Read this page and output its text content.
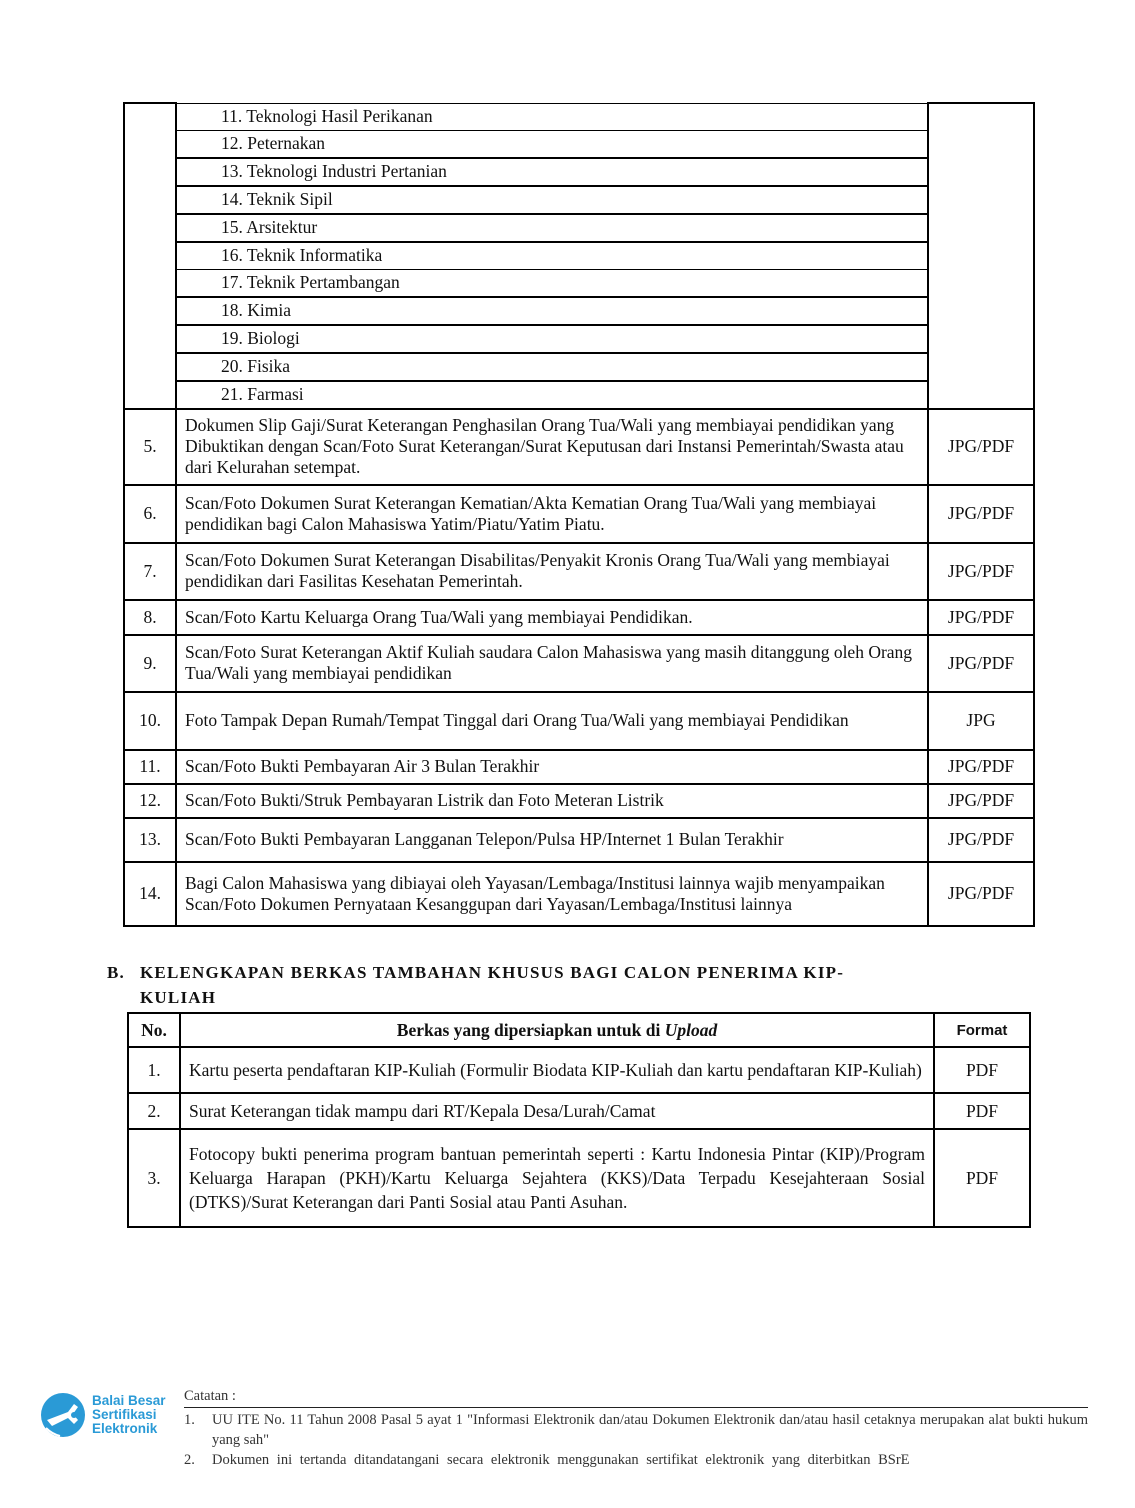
	11. Teknologi Hasil Perikanan	
	12. Peternakan	
	13. Teknologi Industri Pertanian	
	14. Teknik Sipil	
	15. Arsitektur	
	16. Teknik Informatika	
	17. Teknik Pertambangan	
	18. Kimia	
	19. Biologi	
	20. Fisika	
	21. Farmasi	
5.	Dokumen Slip Gaji/Surat Keterangan Penghasilan Orang Tua/Wali yang membiayai pendidikan yang Dibuktikan dengan Scan/Foto Surat Keterangan/Surat Keputusan dari Instansi Pemerintah/Swasta atau dari Kelurahan setempat.	JPG/PDF
6.	Scan/Foto Dokumen Surat Keterangan Kematian/Akta Kematian Orang Tua/Wali yang membiayai pendidikan bagi Calon Mahasiswa Yatim/Piatu/Yatim Piatu.	JPG/PDF
7.	Scan/Foto Dokumen Surat Keterangan Disabilitas/Penyakit Kronis Orang Tua/Wali yang membiayai pendidikan dari Fasilitas Kesehatan Pemerintah.	JPG/PDF
8.	Scan/Foto Kartu Keluarga Orang Tua/Wali yang membiayai Pendidikan.	JPG/PDF
9.	Scan/Foto Surat Keterangan Aktif Kuliah saudara Calon Mahasiswa yang masih ditanggung oleh Orang Tua/Wali yang membiayai pendidikan	JPG/PDF
10.	Foto Tampak Depan Rumah/Tempat Tinggal dari Orang Tua/Wali yang membiayai Pendidikan	JPG
11.	Scan/Foto Bukti Pembayaran Air 3 Bulan Terakhir	JPG/PDF
12.	Scan/Foto Bukti/Struk Pembayaran Listrik dan Foto Meteran Listrik	JPG/PDF
13.	Scan/Foto Bukti Pembayaran Langganan Telepon/Pulsa HP/Internet 1 Bulan Terakhir	JPG/PDF
14.	Bagi Calon Mahasiswa yang dibiayai oleh Yayasan/Lembaga/Institusi lainnya wajib menyampaikan Scan/Foto Dokumen Pernyataan Kesanggupan dari Yayasan/Lembaga/Institusi lainnya	JPG/PDF
B. KELENGKAPAN BERKAS TAMBAHAN KHUSUS BAGI CALON PENERIMA KIP-
KULIAH
No.	Berkas yang dipersiapkan untuk di Upload	Format
1.	Kartu peserta pendaftaran KIP-Kuliah (Formulir Biodata KIP-Kuliah dan kartu pendaftaran KIP-Kuliah)	PDF
2.	Surat Keterangan tidak mampu dari RT/Kepala Desa/Lurah/Camat	PDF
3.	Fotocopy bukti penerima program bantuan pemerintah seperti : Kartu Indonesia Pintar (KIP)/Program Keluarga Harapan (PKH)/Kartu Keluarga Sejahtera (KKS)/Data Terpadu Kesejahteraan Sosial (DTKS)/Surat Keterangan dari Panti Sosial atau Panti Asuhan.	PDF
Balai Besar
Sertifikasi
Elektronik
Catatan :
1.	UU ITE No. 11 Tahun 2008 Pasal 5 ayat 1 "Informasi Elektronik dan/atau Dokumen Elektronik dan/atau hasil cetaknya merupakan alat bukti hukum yang sah"
2.	Dokumen ini tertanda ditandatangani secara elektronik menggunakan sertifikat elektronik yang diterbitkan BSrE
